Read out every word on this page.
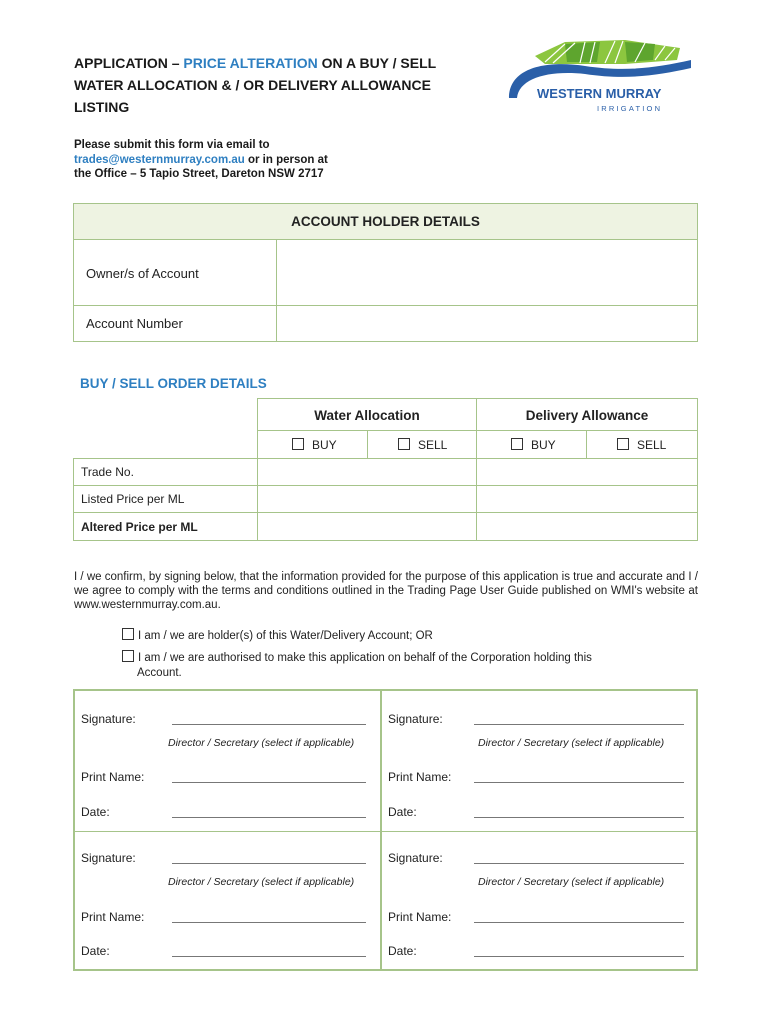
APPLICATION – PRICE ALTERATION ON A BUY / SELL WATER ALLOCATION & / OR DELIVERY ALLOWANCE LISTING
WESTERN MURRAY
IRRIGATION
Please submit this form via email to
trades@westernmurray.com.au or in person at
the Office – 5 Tapio Street, Dareton NSW 2717
ACCOUNT HOLDER DETAILS
Owner/s of Account
Account Number
BUY / SELL ORDER DETAILS
Water Allocation	Delivery Allowance
BUY	SELL	BUY	SELL
Trade No.
Listed Price per ML
Altered Price per ML
I / we confirm, by signing below, that the information provided for the purpose of this application is true and accurate and I / we agree to comply with the terms and conditions outlined in the Trading Page User Guide published on WMI's website at www.westernmurray.com.au.
I am / we are holder(s) of this Water/Delivery Account; OR
I am / we are authorised to make this application on behalf of the Corporation holding this
Account.
Signature:
Director / Secretary (select if applicable)
Print Name:
Date:
Signature:
Director / Secretary (select if applicable)
Print Name:
Date:
Signature:
Director / Secretary (select if applicable)
Print Name:
Date:
Signature:
Director / Secretary (select if applicable)
Print Name:
Date:
